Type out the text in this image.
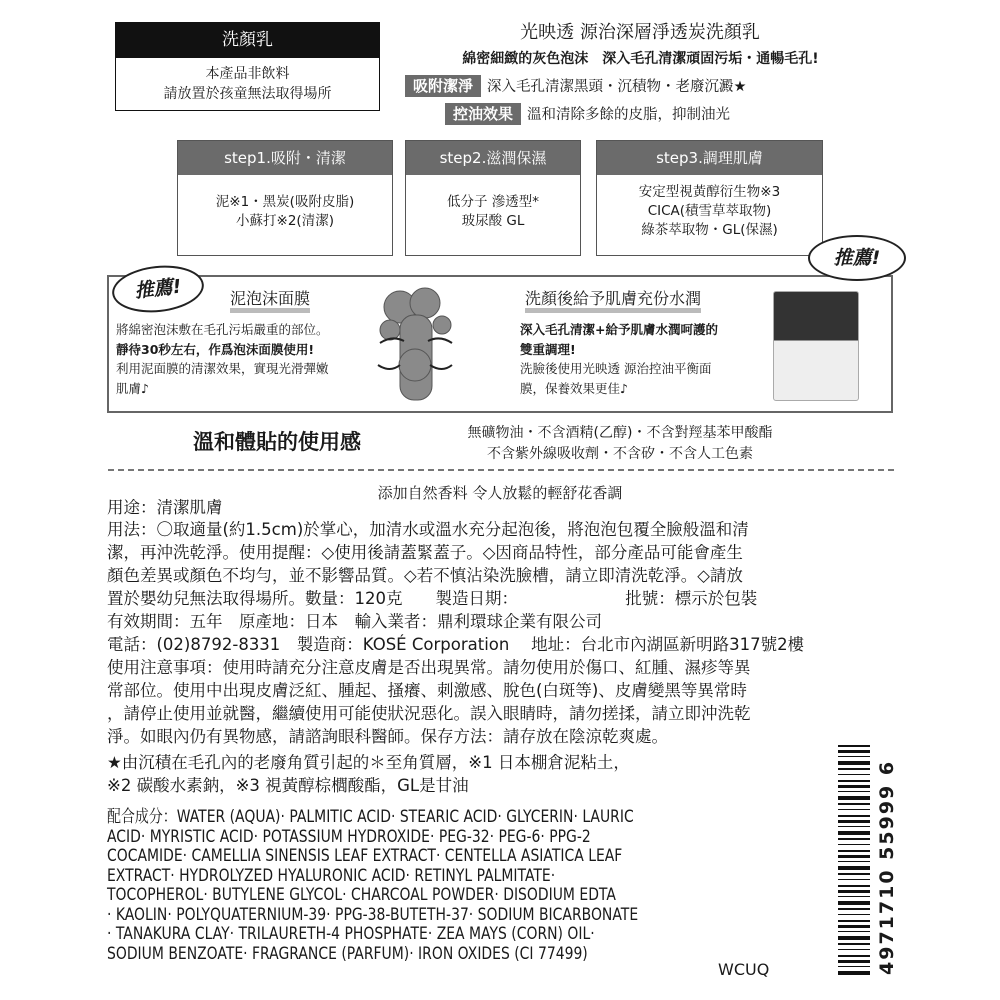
洗顏乳
本產品非飲料
請放置於孩童無法取得場所
光映透 源治深層淨透炭洗顏乳
綿密細緻的灰色泡沫　深入毛孔清潔頑固污垢・通暢毛孔!
吸附潔淨 深入毛孔清潔黑頭・沉積物・老廢沉澱★
控油效果 溫和清除多餘的皮脂，抑制油光
step1.吸附・清潔
泥※1・黑炭(吸附皮脂)
小蘇打※2(清潔)
step2.滋潤保濕
低分子 滲透型*
玻尿酸 GL
step3.調理肌膚
安定型視黃醇衍生物※3
CICA(積雪草萃取物)
綠茶萃取物・GL(保濕)
推薦!
推薦!	泥泡沫面膜
將綿密泡沫敷在毛孔污垢嚴重的部位。
靜待30秒左右，作爲泡沫面膜使用!
利用泥面膜的清潔效果，實現光滑彈嫩
肌膚♪
洗顏後給予肌膚充份水潤
深入毛孔清潔+給予肌膚水潤呵護的
雙重調理!
洗臉後使用光映透 源治控油平衡面
膜，保養效果更佳♪
溫和體貼的使用感	無礦物油・不含酒精(乙醇)・不含對羥基苯甲酸酯
不含紫外線吸收劑・不含矽・不含人工色素
添加自然香料 令人放鬆的輕舒花香調
用途：清潔肌膚
用法：〇取適量(約1.5cm)於掌心，加清水或溫水充分起泡後，將泡泡包覆全臉般溫和清
潔，再沖洗乾淨。使用提醒：◇使用後請蓋緊蓋子。◇因商品特性，部分產品可能會產生
顏色差異或顏色不均勻，並不影響品質。◇若不慎沾染洗臉槽，請立即清洗乾淨。◇請放
置於嬰幼兒無法取得場所。數量：120克　　製造日期：　　　　　　　批號：標示於包裝
有效期間：五年　原產地：日本　輸入業者：鼎利環球企業有限公司
電話：(02)8792-8331　製造商：KOSÉ Corporation　 地址：台北市內湖區新明路317號2樓
使用注意事項：使用時請充分注意皮膚是否出現異常。請勿使用於傷口、紅腫、濕疹等異
常部位。使用中出現皮膚泛紅、腫起、搔癢、刺激感、脫色(白斑等)、皮膚變黑等異常時
，請停止使用並就醫，繼續使用可能使狀況惡化。誤入眼睛時，請勿搓揉，請立即沖洗乾
淨。如眼內仍有異物感，請諮詢眼科醫師。保存方法：請存放在陰涼乾爽處。
★由沉積在毛孔內的老廢角質引起的＊至角質層，※1 日本棚倉泥粘土，
※2 碳酸水素鈉，※3 視黃醇棕櫚酸酯，GL是甘油
配合成分：WATER (AQUA)· PALMITIC ACID· STEARIC ACID· GLYCERIN· LAURIC
ACID· MYRISTIC ACID· POTASSIUM HYDROXIDE· PEG-32· PEG-6· PPG-2
COCAMIDE· CAMELLIA SINENSIS LEAF EXTRACT· CENTELLA ASIATICA LEAF
EXTRACT· HYDROLYZED HYALURONIC ACID· RETINYL PALMITATE·
TOCOPHEROL· BUTYLENE GLYCOL· CHARCOAL POWDER· DISODIUM EDTA
· KAOLIN· POLYQUATERNIUM-39· PPG-38-BUTETH-37· SODIUM BICARBONATE
· TANAKURA CLAY· TRILAURETH-4 PHOSPHATE· ZEA MAYS (CORN) OIL·
SODIUM BENZOATE· FRAGRANCE (PARFUM)· IRON OXIDES (CI 77499)
WCUQ	4971710 55999 6
